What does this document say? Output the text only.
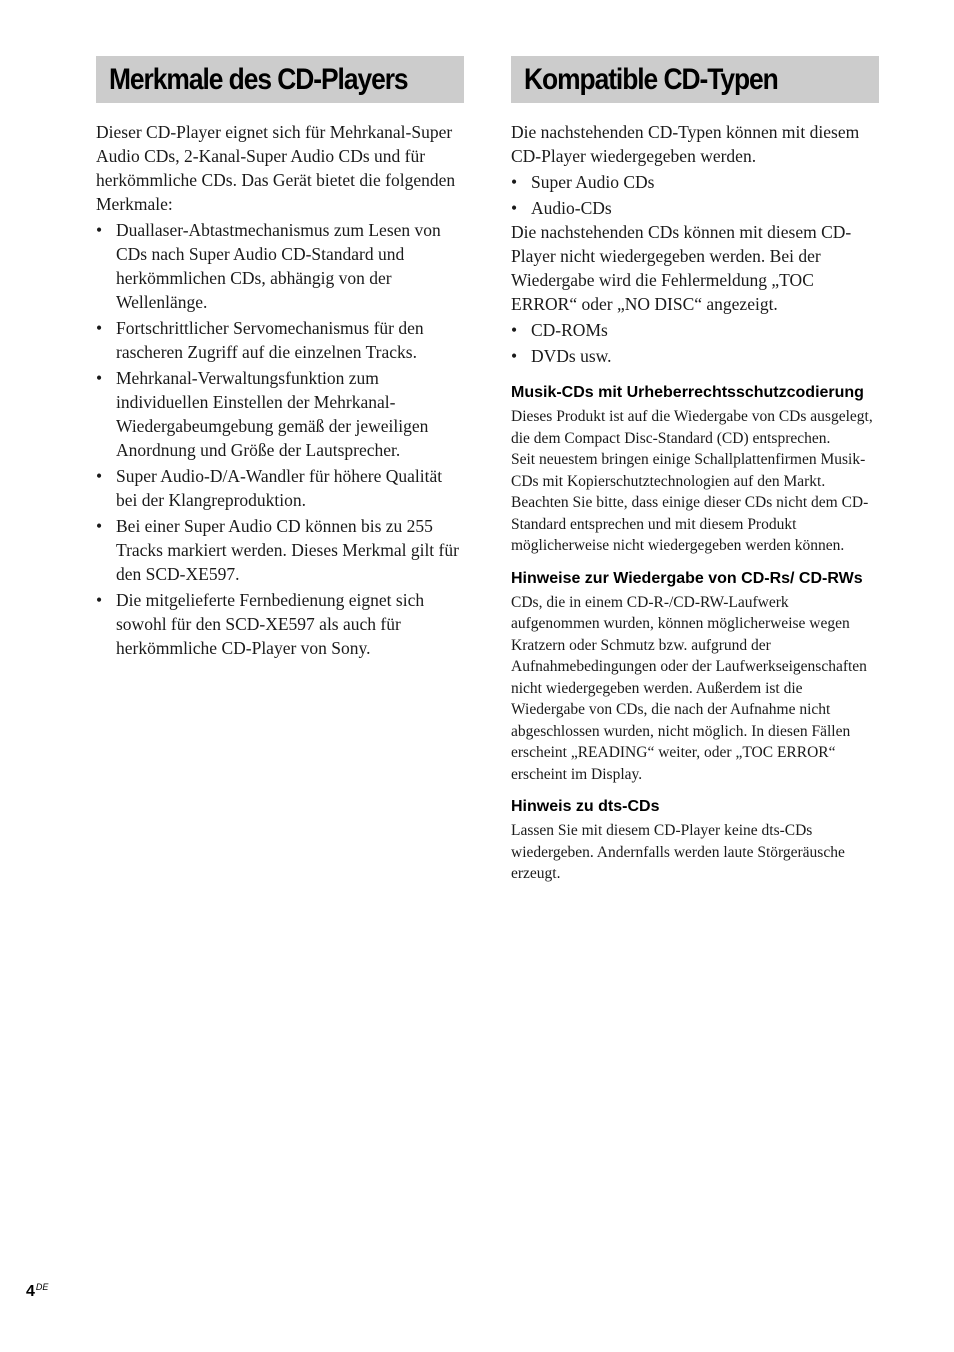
Merkmale des CD-Players

Dieser CD-Player eignet sich für Mehrkanal-Super Audio CDs, 2-Kanal-Super Audio CDs und für herkömmliche CDs. Das Gerät bietet die folgenden Merkmale:

• Duallaser-Abtastmechanismus zum Lesen von CDs nach Super Audio CD-Standard und herkömmlichen CDs, abhängig von der Wellenlänge.
• Fortschrittlicher Servomechanismus für den rascheren Zugriff auf die einzelnen Tracks.
• Mehrkanal-Verwaltungsfunktion zum individuellen Einstellen der Mehrkanal-Wiedergabeumgebung gemäß der jeweiligen Anordnung und Größe der Lautsprecher.
• Super Audio-D/A-Wandler für höhere Qualität bei der Klangreproduktion.
• Bei einer Super Audio CD können bis zu 255 Tracks markiert werden. Dieses Merkmal gilt für den SCD-XE597.
• Die mitgelieferte Fernbedienung eignet sich sowohl für den SCD-XE597 als auch für herkömmliche CD-Player von Sony.
Kompatible CD-Typen

Die nachstehenden CD-Typen können mit diesem CD-Player wiedergegeben werden.

• Super Audio CDs
• Audio-CDs

Die nachstehenden CDs können mit diesem CD-Player nicht wiedergegeben werden. Bei der Wiedergabe wird die Fehlermeldung „TOC ERROR“ oder „NO DISC“ angezeigt.

• CD-ROMs
• DVDs usw.
Musik-CDs mit Urheberrechtsschutzcodierung

Dieses Produkt ist auf die Wiedergabe von CDs ausgelegt, die dem Compact Disc-Standard (CD) entsprechen.

Seit neuestem bringen einige Schallplattenfirmen Musik-CDs mit Kopierschutztechnologien auf den Markt. Beachten Sie bitte, dass einige dieser CDs nicht dem CD-Standard entsprechen und mit diesem Produkt möglicherweise nicht wiedergegeben werden können.

Hinweise zur Wiedergabe von CD-Rs/ CD-RWs

CDs, die in einem CD-R-/CD-RW-Laufwerk aufgenommen wurden, können möglicherweise wegen Kratzern oder Schmutz bzw. aufgrund der Aufnahmebedingungen oder der Laufwerkseigenschaften nicht wiedergegeben werden. Außerdem ist die Wiedergabe von CDs, die nach der Aufnahme nicht abgeschlossen wurden, nicht möglich. In diesen Fällen erscheint „READING“ weiter, oder „TOC ERROR“ erscheint im Display.

Hinweis zu dts-CDs

Lassen Sie mit diesem CD-Player keine dts-CDs wiedergeben. Andernfalls werden laute Störgeräusche erzeugt.

4DE
